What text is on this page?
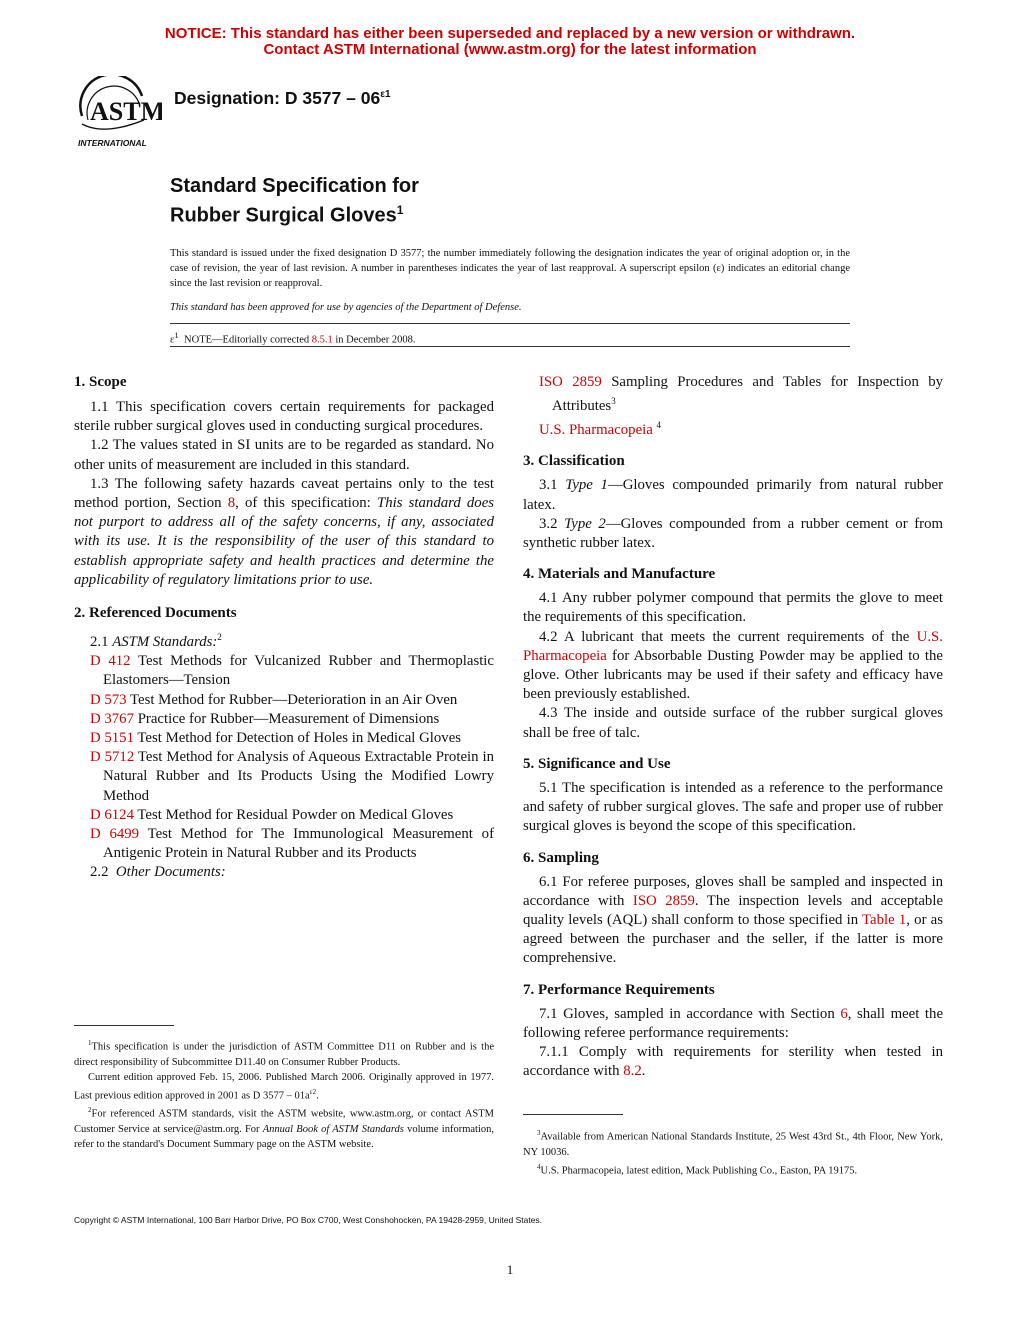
NOTICE: This standard has either been superseded and replaced by a new version or withdrawn.
Contact ASTM International (www.astm.org) for the latest information
ASTM
INTERNATIONAL
Designation: D $3577 - 06^{\varepsilon 1}$
Standard Specification for
Rubber Surgical Gloves$^1$
This standard is issued under the fixed designation D 3577; the number immediately following the designation indicates the year of original adoption or, in the case of revision, the year of last revision. A number in parentheses indicates the year of last reapproval. A superscript epsilon (ε) indicates an editorial change since the last revision or reapproval.
This standard has been approved for use by agencies of the Department of Defense.
$\varepsilon^1$ NOTE—Editorially corrected 8.5.1 in December 2008.
1. Scope

1.1 This specification covers certain requirements for packaged sterile rubber surgical gloves used in conducting surgical procedures.

1.2 The values stated in SI units are to be regarded as standard. No other units of measurement are included in this standard.

1.3 The following safety hazards caveat pertains only to the test method portion, Section 8, of this specification: This standard does not purport to address all of the safety concerns, if any, associated with its use. It is the responsibility of the user of this standard to establish appropriate safety and health practices and determine the applicability of regulatory limitations prior to use.

2. Referenced Documents

2.1 ASTM Standards:$^2$

D 412 Test Methods for Vulcanized Rubber and Thermoplastic Elastomers—Tension

D 573 Test Method for Rubber—Deterioration in an Air Oven

D 3767 Practice for Rubber—Measurement of Dimensions

D 5151 Test Method for Detection of Holes in Medical Gloves

D 5712 Test Method for Analysis of Aqueous Extractable Protein in Natural Rubber and Its Products Using the Modified Lowry Method

D 6124 Test Method for Residual Powder on Medical Gloves

D 6499 Test Method for The Immunological Measurement of Antigenic Protein in Natural Rubber and its Products

2.2 Other Documents:

$^1$This specification is under the jurisdiction of ASTM Committee D11 on Rubber and is the direct responsibility of Subcommittee D11.40 on Consumer Rubber Products.

Current edition approved Feb. 15, 2006. Published March 2006. Originally approved in 1977. Last previous edition approved in 2001 as D $3577 - 01a^{\varepsilon 2}$.

$^2$For referenced ASTM standards, visit the ASTM website, www.astm.org, or contact ASTM Customer Service at service@astm.org. For Annual Book of ASTM Standards volume information, refer to the standard's Document Summary page on the ASTM website.

ISO 2859 Sampling Procedures and Tables for Inspection by Attributes$^3$

U.S. Pharmacopeia $^4$

3. Classification

3.1 Type 1—Gloves compounded primarily from natural rubber latex.

3.2 Type 2—Gloves compounded from a rubber cement or from synthetic rubber latex.

4. Materials and Manufacture

4.1 Any rubber polymer compound that permits the glove to meet the requirements of this specification.

4.2 A lubricant that meets the current requirements of the U.S. Pharmacopeia for Absorbable Dusting Powder may be applied to the glove. Other lubricants may be used if their safety and efficacy have been previously established.

4.3 The inside and outside surface of the rubber surgical gloves shall be free of talc.

5. Significance and Use

5.1 The specification is intended as a reference to the performance and safety of rubber surgical gloves. The safe and proper use of rubber surgical gloves is beyond the scope of this specification.

6. Sampling

6.1 For referee purposes, gloves shall be sampled and inspected in accordance with ISO 2859. The inspection levels and acceptable quality levels (AQL) shall conform to those specified in Table 1, or as agreed between the purchaser and the seller, if the latter is more comprehensive.

7. Performance Requirements

7.1 Gloves, sampled in accordance with Section 6, shall meet the following referee performance requirements:

7.1.1 Comply with requirements for sterility when tested in accordance with 8.2.

$^3$Available from American National Standards Institute, 25 West 43rd St., 4th Floor, New York, NY 10036.

$^4$U.S. Pharmacopeia, latest edition, Mack Publishing Co., Easton, PA 19175.

Copyright © ASTM International, 100 Barr Harbor Drive, PO Box C700, West Conshohocken, PA 19428-2959, United States.
1
